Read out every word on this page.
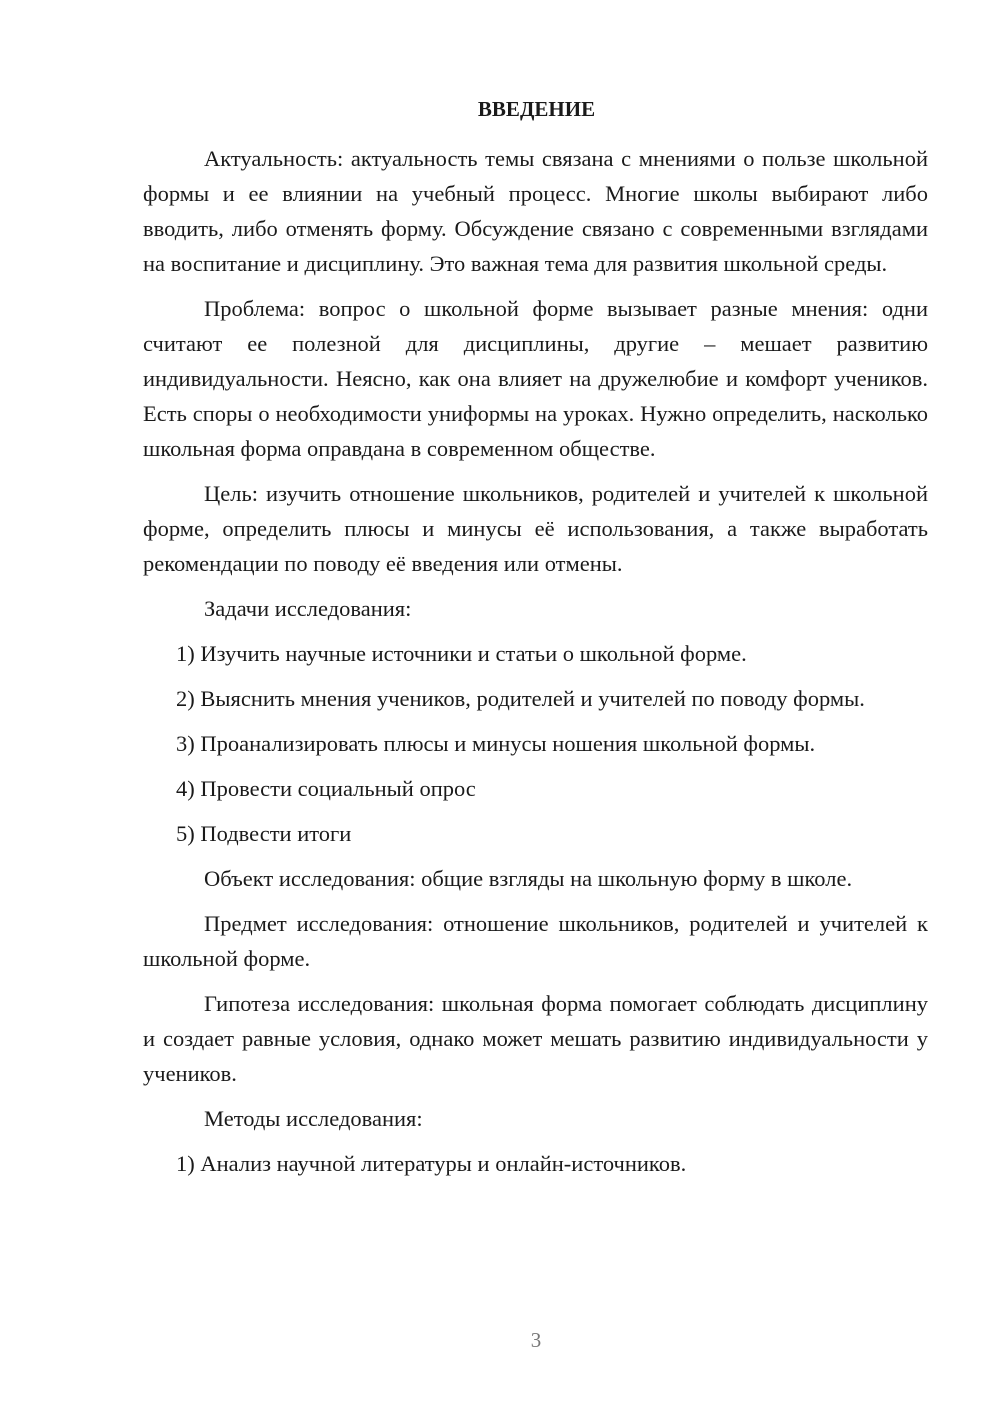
ВВЕДЕНИЕ

Актуальность: актуальность темы связана с мнениями о пользе школьной формы и ее влиянии на учебный процесс. Многие школы выбирают либо вводить, либо отменять форму. Обсуждение связано с современными взглядами на воспитание и дисциплину. Это важная тема для развития школьной среды.

Проблема: вопрос о школьной форме вызывает разные мнения: одни считают ее полезной для дисциплины, другие – мешает развитию индивидуальности. Неясно, как она влияет на дружелюбие и комфорт учеников. Есть споры о необходимости униформы на уроках. Нужно определить, насколько школьная форма оправдана в современном обществе.

Цель: изучить отношение школьников, родителей и учителей к школьной форме, определить плюсы и минусы её использования, а также выработать рекомендации по поводу её введения или отмены.

Задачи исследования:

1) Изучить научные источники и статьи о школьной форме.

2) Выяснить мнения учеников, родителей и учителей по поводу формы.

3) Проанализировать плюсы и минусы ношения школьной формы.

4) Провести социальный опрос

5) Подвести итоги

Объект исследования: общие взгляды на школьную форму в школе.

Предмет исследования: отношение школьников, родителей и учителей к школьной форме.

Гипотеза исследования: школьная форма помогает соблюдать дисциплину и создает равные условия, однако может мешать развитию индивидуальности у учеников.

Методы исследования:

1) Анализ научной литературы и онлайн-источников.

3
